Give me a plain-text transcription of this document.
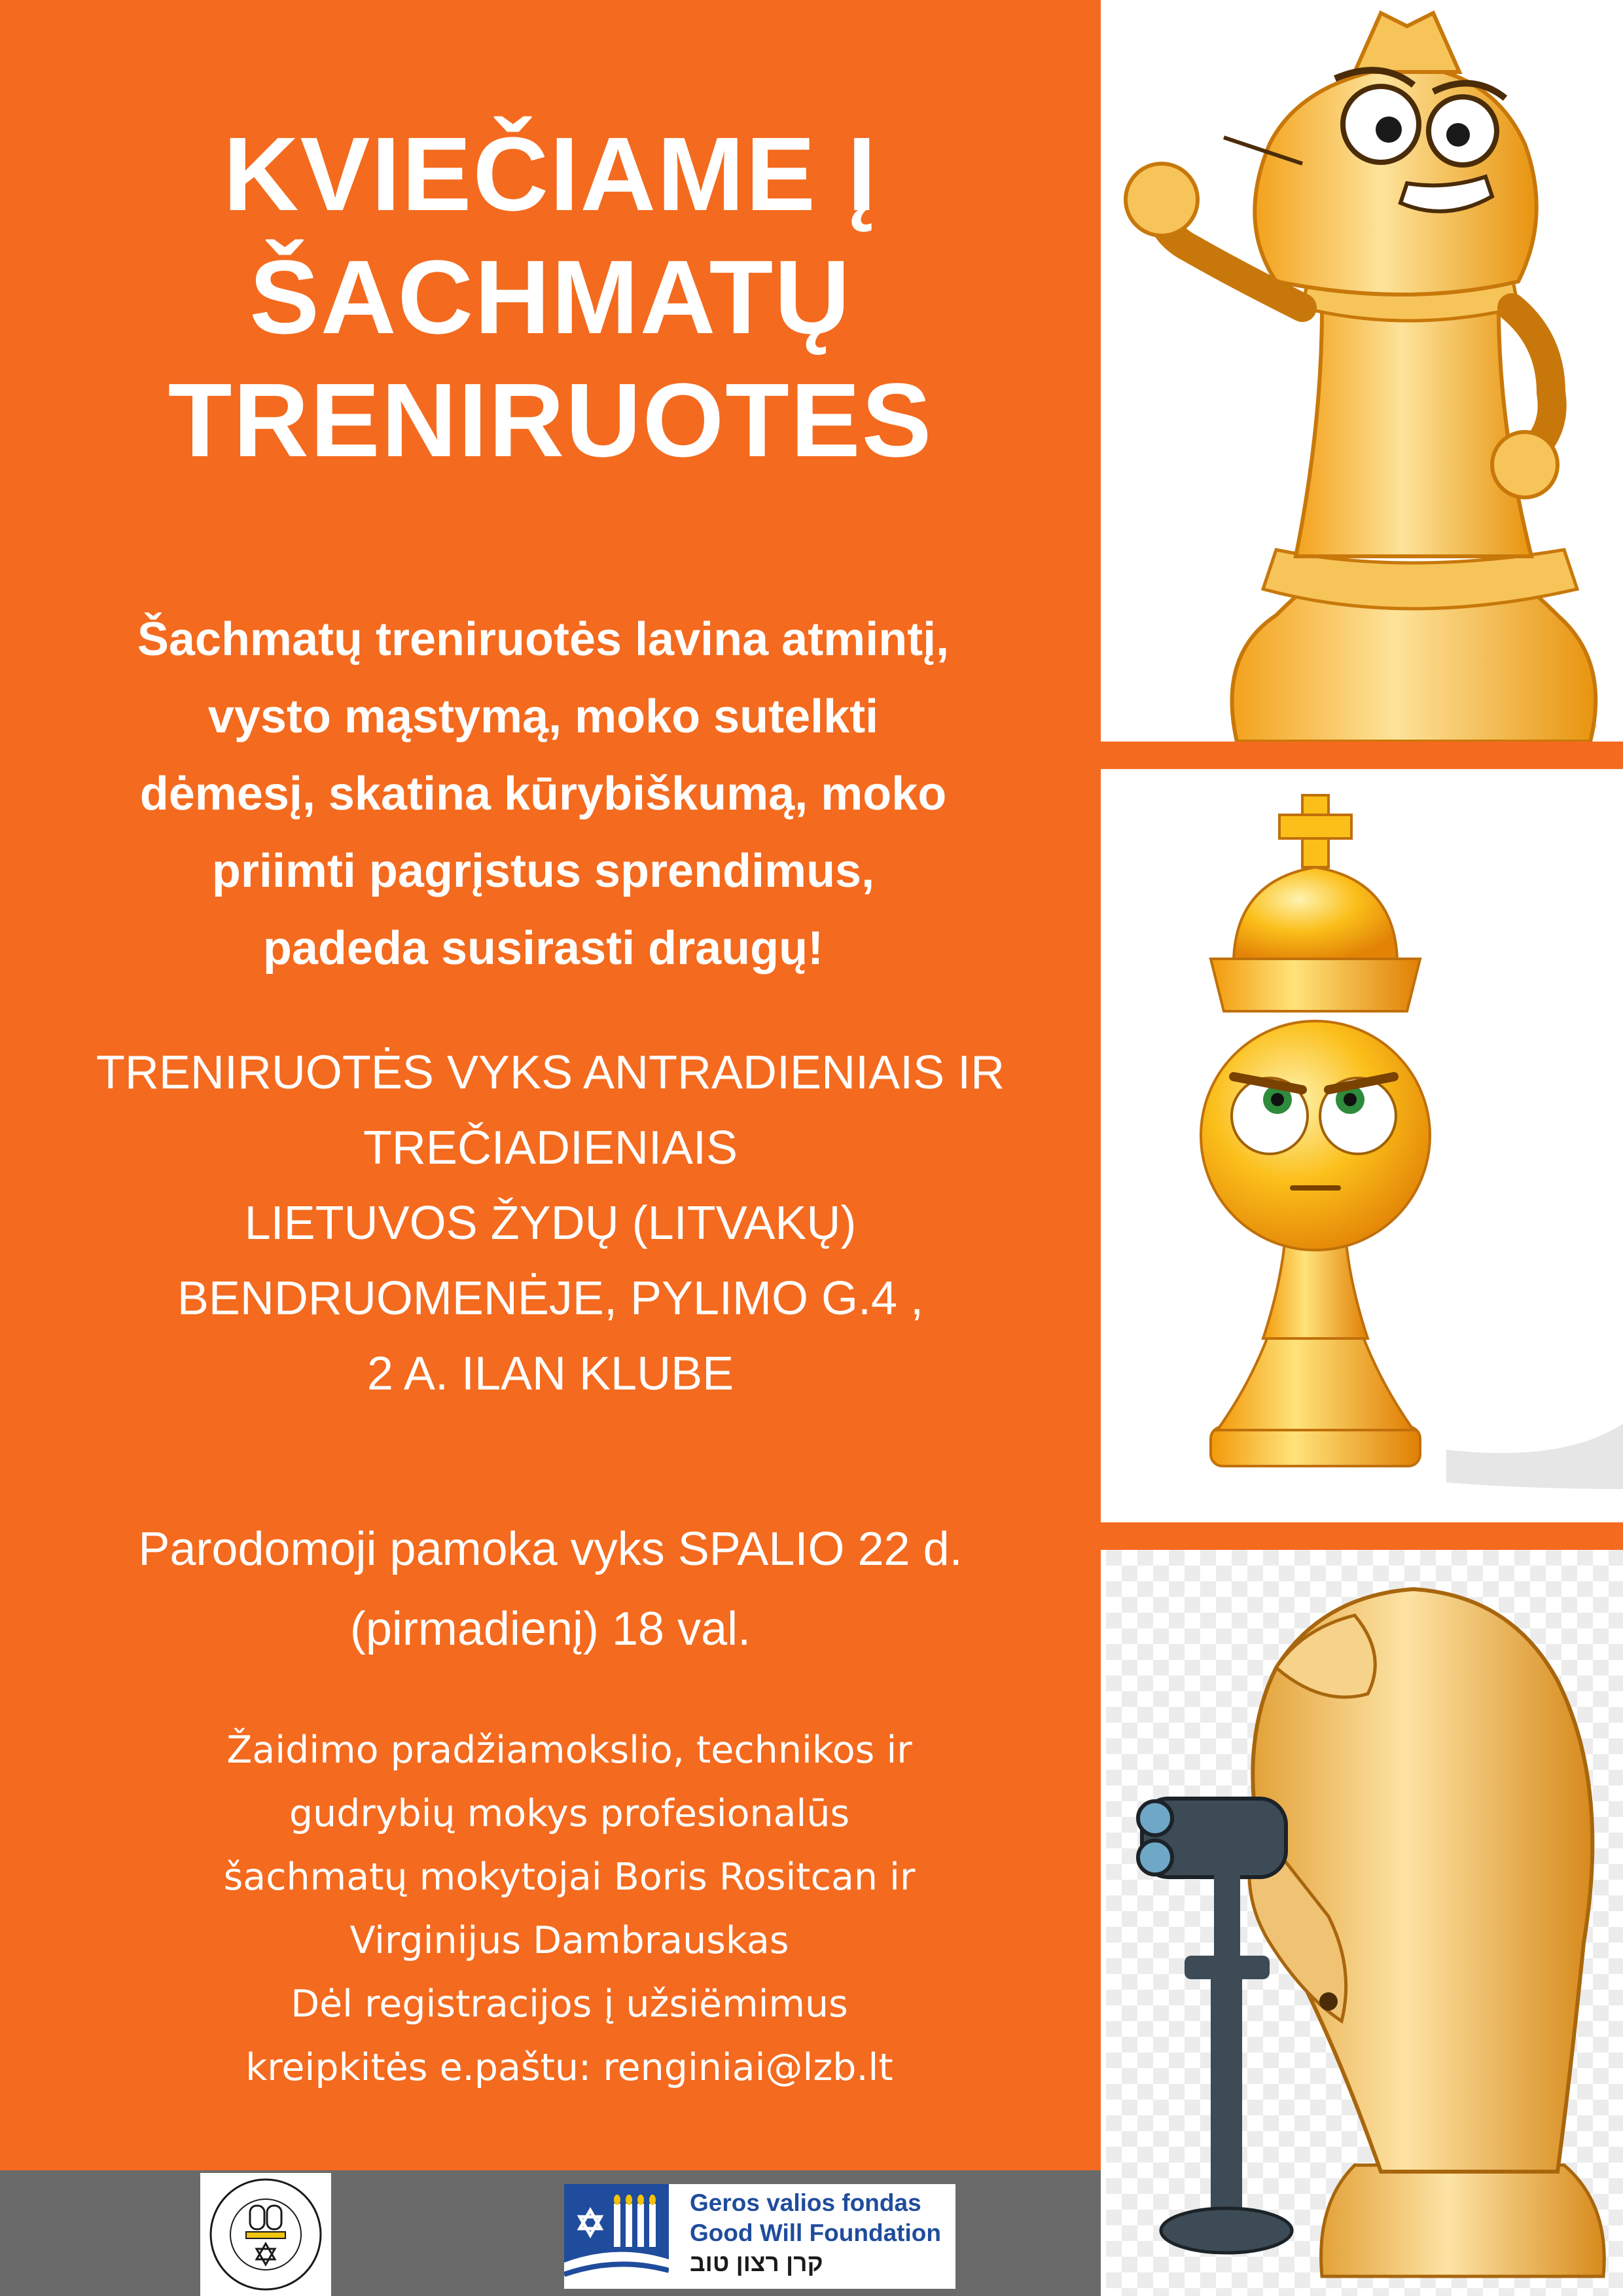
KVIEČIAME Į
ŠACHMATŲ
TRENIRUOTES
Šachmatų treniruotės lavina atmintį,
vysto mąstymą, moko sutelkti
dėmesį, skatina kūrybiškumą, moko
priimti pagrįstus sprendimus,
padeda susirasti draugų!
TRENIRUOTĖS VYKS ANTRADIENIAIS IR
TREČIADIENIAIS
LIETUVOS ŽYDŲ (LITVAKŲ)
BENDRUOMENĖJE, PYLIMO G.4 ,
2 A. ILAN KLUBE
Parodomoji pamoka vyks SPALIO 22 d.
(pirmadienį) 18 val.
Žaidimo pradžiamokslio, technikos ir
gudrybių mokys profesionalūs
šachmatų mokytojai Boris Rositcan ir
Virginijus Dambrauskas
Dėl registracijos į užsiёmimus
kreipkitės e.paštu: renginiai@lzb.lt
Geros valios fondas
Good Will Foundation
קרן רצון טוב
